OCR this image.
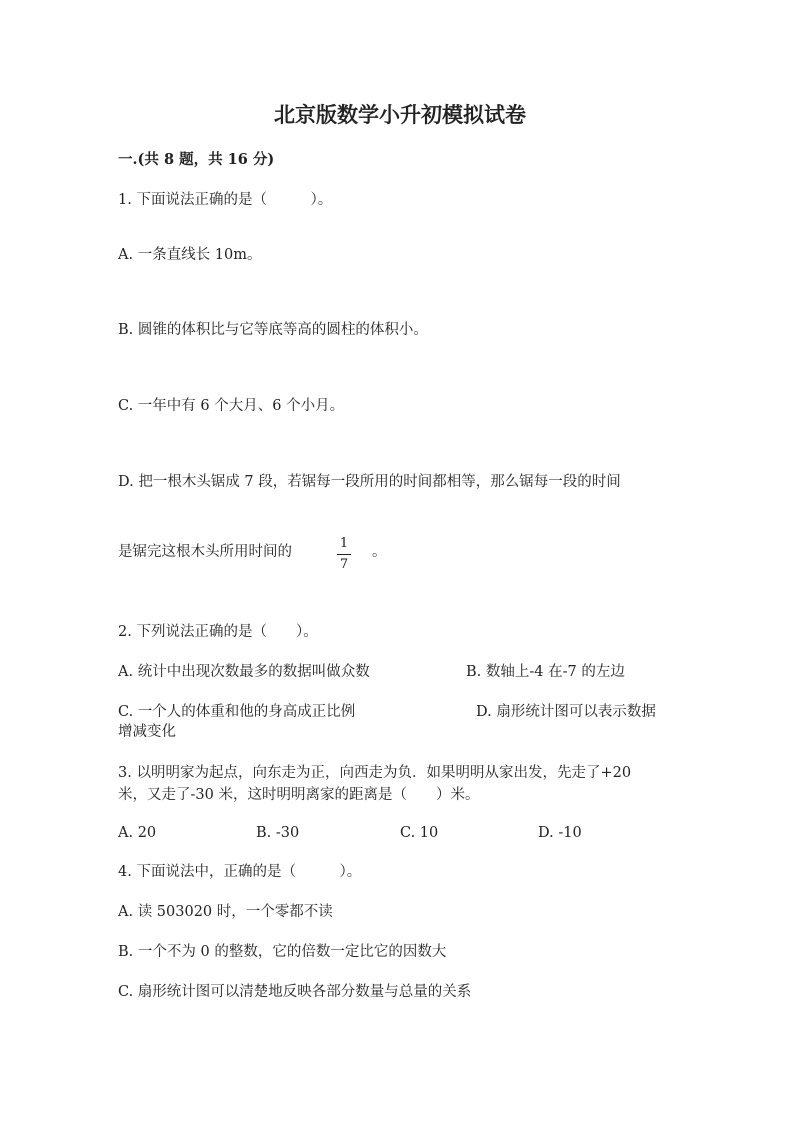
北京版数学小升初模拟试卷
一.(共 8 题，共 16 分)
1. 下面说法正确的是（　　　）。
A. 一条直线长 10m。
B. 圆锥的体积比与它等底等高的圆柱的体积小。
C. 一年中有 6 个大月、6 个小月。
D. 把一根木头锯成 7 段，若锯每一段所用的时间都相等，那么锯每一段的时间
是锯完这根木头所用时间的
1
7
。
2. 下列说法正确的是（　　）。
A. 统计中出现次数最多的数据叫做众数	B. 数轴上-4 在-7 的左边
C. 一个人的体重和他的身高成正比例	D. 扇形统计图可以表示数据
增减变化
3. 以明明家为起点，向东走为正，向西走为负．如果明明从家出发，先走了+20
米，又走了-30 米，这时明明离家的距离是（　　）米。
A. 20	B. -30	C. 10	D. -10
4. 下面说法中，正确的是（　　　）。
A. 读 503020 时，一个零都不读
B. 一个不为 0 的整数，它的倍数一定比它的因数大
C. 扇形统计图可以清楚地反映各部分数量与总量的关系
